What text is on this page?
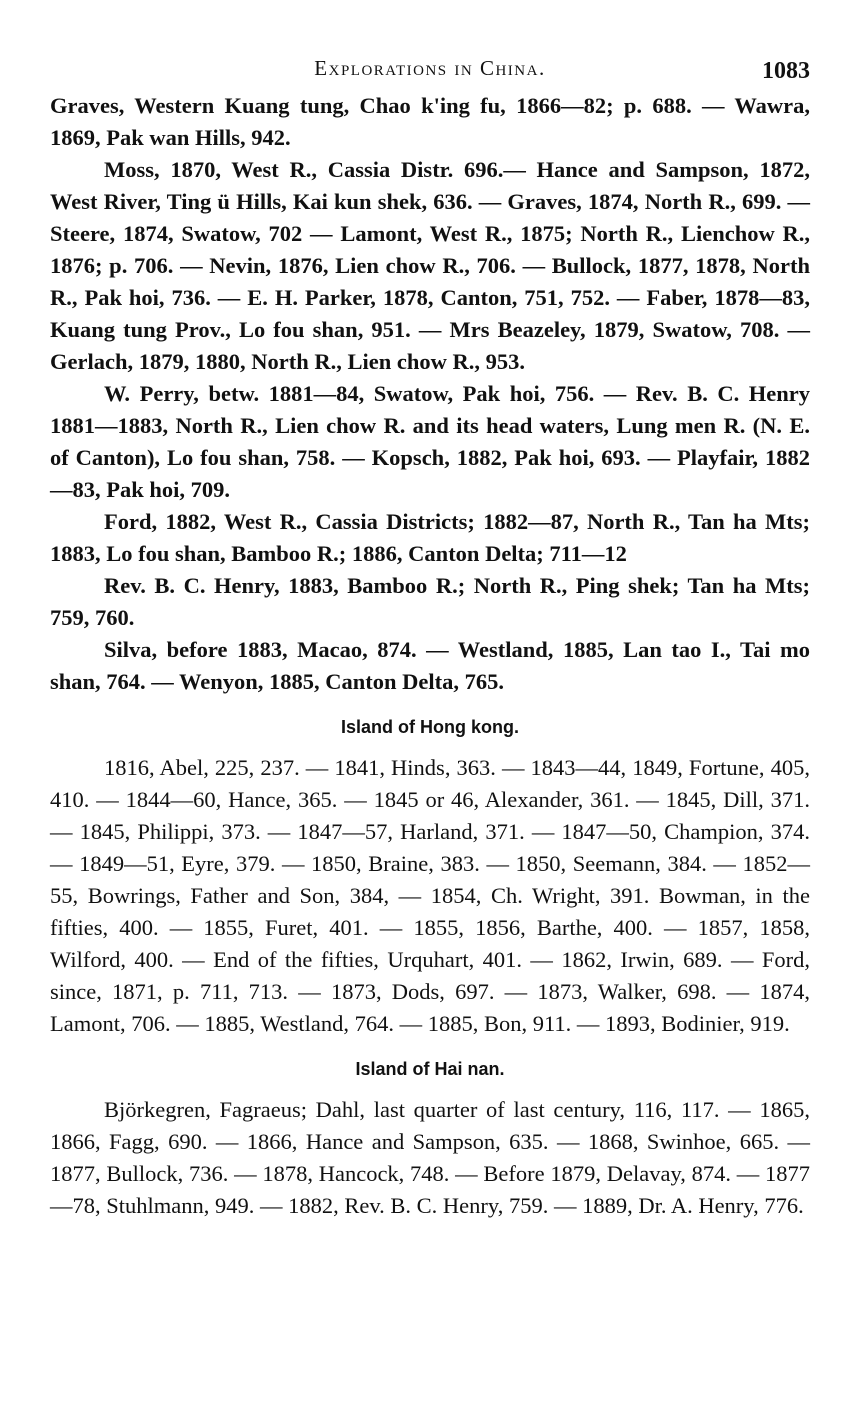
Explorations in China.	1083

Graves, Western Kuang tung, Chao k'ing fu, 1866—82; p. 688. — Wawra, 1869, Pak wan Hills, 942.

Moss, 1870, West R., Cassia Distr. 696.— Hance and Sampson, 1872, West River, Ting ü Hills, Kai kun shek, 636. — Graves, 1874, North R., 699. — Steere, 1874, Swatow, 702 — Lamont, West R., 1875; North R., Lienchow R., 1876; p. 706. — Nevin, 1876, Lien chow R., 706. — Bullock, 1877, 1878, North R., Pak hoi, 736. — E. H. Parker, 1878, Canton, 751, 752. — Faber, 1878—83, Kuang tung Prov., Lo fou shan, 951. — Mrs Beazeley, 1879, Swatow, 708. — Gerlach, 1879, 1880, North R., Lien chow R., 953.

W. Perry, betw. 1881—84, Swatow, Pak hoi, 756. — Rev. B. C. Henry 1881—1883, North R., Lien chow R. and its head waters, Lung men R. (N. E. of Canton), Lo fou shan, 758. — Kopsch, 1882, Pak hoi, 693. — Playfair, 1882—83, Pak hoi, 709.

Ford, 1882, West R., Cassia Districts; 1882—87, North R., Tan ha Mts; 1883, Lo fou shan, Bamboo R.; 1886, Canton Delta; 711—12

Rev. B. C. Henry, 1883, Bamboo R.; North R., Ping shek; Tan ha Mts; 759, 760.

Silva, before 1883, Macao, 874. — Westland, 1885, Lan tao I., Tai mo shan, 764. — Wenyon, 1885, Canton Delta, 765.

Island of Hong kong.

1816, Abel, 225, 237. — 1841, Hinds, 363. — 1843—44, 1849, Fortune, 405, 410. — 1844—60, Hance, 365. — 1845 or 46, Alexander, 361. — 1845, Dill, 371. — 1845, Philippi, 373. — 1847—57, Harland, 371. — 1847—50, Champion, 374. — 1849—51, Eyre, 379. — 1850, Braine, 383. — 1850, Seemann, 384. — 1852—55, Bowrings, Father and Son, 384, — 1854, Ch. Wright, 391. Bowman, in the fifties, 400. — 1855, Furet, 401. — 1855, 1856, Barthe, 400. — 1857, 1858, Wilford, 400. — End of the fifties, Urquhart, 401. — 1862, Irwin, 689. — Ford, since, 1871, p. 711, 713. — 1873, Dods, 697. — 1873, Walker, 698. — 1874, Lamont, 706. — 1885, Westland, 764. — 1885, Bon, 911. — 1893, Bodinier, 919.

Island of Hai nan.

Björkegren, Fagraeus; Dahl, last quarter of last century, 116, 117. — 1865, 1866, Fagg, 690. — 1866, Hance and Sampson, 635. — 1868, Swinhoe, 665. — 1877, Bullock, 736. — 1878, Hancock, 748. — Before 1879, Delavay, 874. — 1877—78, Stuhlmann, 949. — 1882, Rev. B. C. Henry, 759. — 1889, Dr. A. Henry, 776.
